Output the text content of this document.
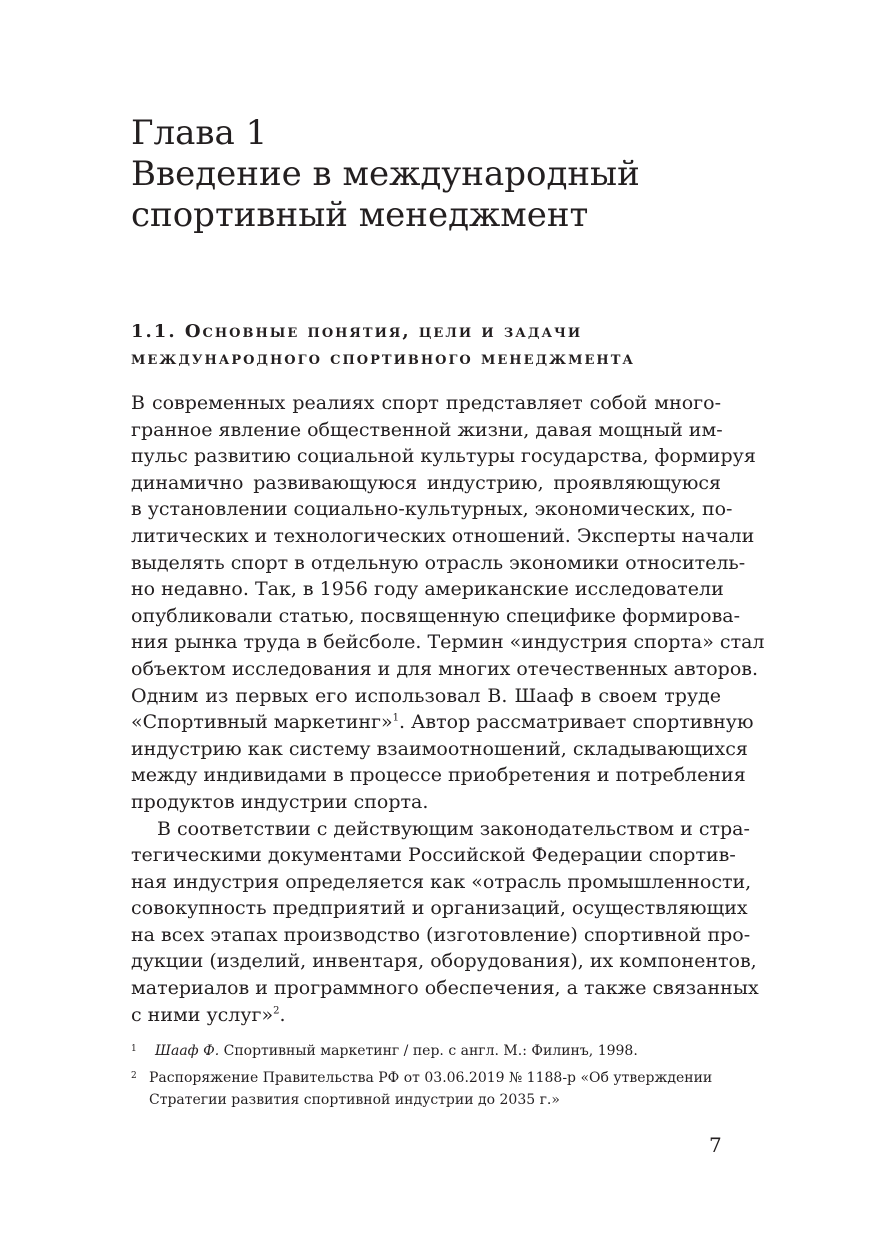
Глава 1
Введение в международный
спортивный менеджмент
1.1. Основные понятия, цели и задачи
международного спортивного менеджмента
В современных реалиях спорт представляет собой много-
гранное явление общественной жизни, давая мощный им-
пульс развитию социальной культуры государства, формируя
динамично развивающуюся индустрию, проявляющуюся
в установлении социально-культурных, экономических, по-
литических и технологических отношений. Эксперты начали
выделять спорт в отдельную отрасль экономики относитель-
но недавно. Так, в 1956 году американские исследователи
опубликовали статью, посвященную специфике формирова-
ния рынка труда в бейсболе. Термин «индустрия спорта» стал
объектом исследования и для многих отечественных авторов.
Одним из первых его использовал В. Шааф в своем труде
«Спортивный маркетинг»$^1$. Автор рассматривает спортивную
индустрию как систему взаимоотношений, складывающихся
между индивидами в процессе приобретения и потребления
продуктов индустрии спорта.
В соответствии с действующим законодательством и стра-
тегическими документами Российской Федерации спортив-
ная индустрия определяется как «отрасль промышленности,
совокупность предприятий и организаций, осуществляющих
на всех этапах производство (изготовление) спортивной про-
дукции (изделий, инвентаря, оборудования), их компонентов,
материалов и программного обеспечения, а также связанных
с ними услуг»$^2$.
1 Шааф Ф. Спортивный маркетинг / пер. с англ. М.: Филинъ, 1998.
2 Распоряжение Правительства РФ от 03.06.2019 № 1188-р «Об утверждении
Стратегии развития спортивной индустрии до 2035 г.»
7
